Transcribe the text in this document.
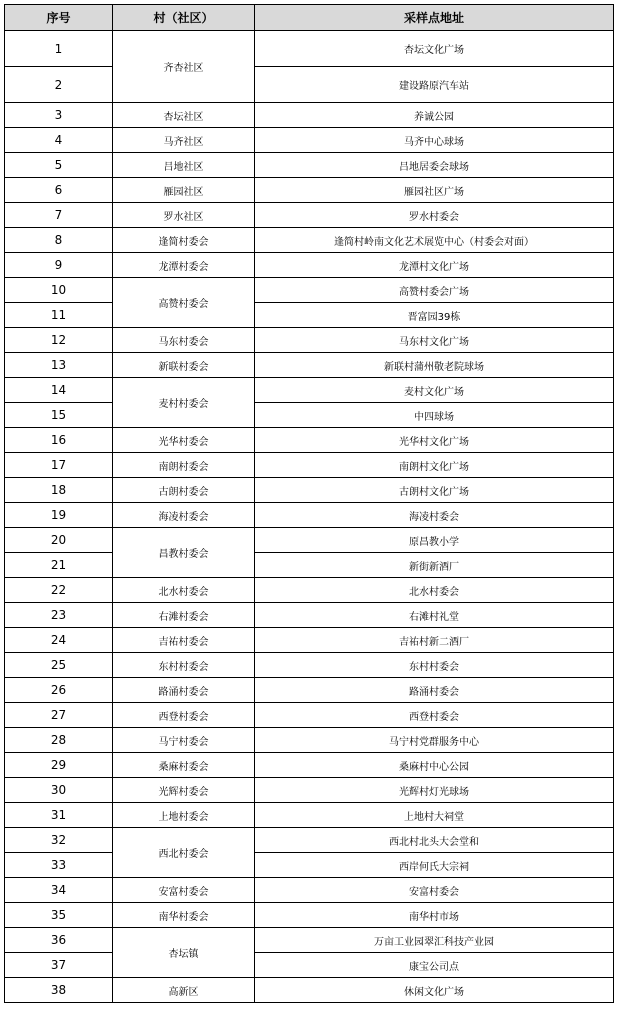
序号	村（社区）	采样点地址
1	齐杏社区	杏坛文化广场
2		建设路原汽车站
3	杏坛社区	养诚公园
4	马齐社区	马齐中心球场
5	吕地社区	吕地居委会球场
6	雁园社区	雁园社区广场
7	罗水社区	罗水村委会
8	逢简村委会	逢简村岭南文化艺术展览中心（村委会对面）
9	龙潭村委会	龙潭村文化广场
10	高赞村委会	高赞村委会广场
11		晋富园39栋
12	马东村委会	马东村文化广场
13	新联村委会	新联村蒲州敬老院球场
14	麦村村委会	麦村文化广场
15		中四球场
16	光华村委会	光华村文化广场
17	南朗村委会	南朗村文化广场
18	古朗村委会	古朗村文化广场
19	海凌村委会	海凌村委会
20	昌教村委会	原昌教小学
21		新街新酒厂
22	北水村委会	北水村委会
23	右滩村委会	右滩村礼堂
24	吉祐村委会	吉祐村新二酒厂
25	东村村委会	东村村委会
26	路涌村委会	路涌村委会
27	西登村委会	西登村委会
28	马宁村委会	马宁村党群服务中心
29	桑麻村委会	桑麻村中心公园
30	光辉村委会	光辉村灯光球场
31	上地村委会	上地村大祠堂
32	西北村委会	西北村北头大会堂和
33		西岸何氏大宗祠
34	安富村委会	安富村委会
35	南华村委会	南华村市场
36	杏坛镇	万亩工业园翠汇科技产业园
37		康宝公司点
38	高新区	休闲文化广场
